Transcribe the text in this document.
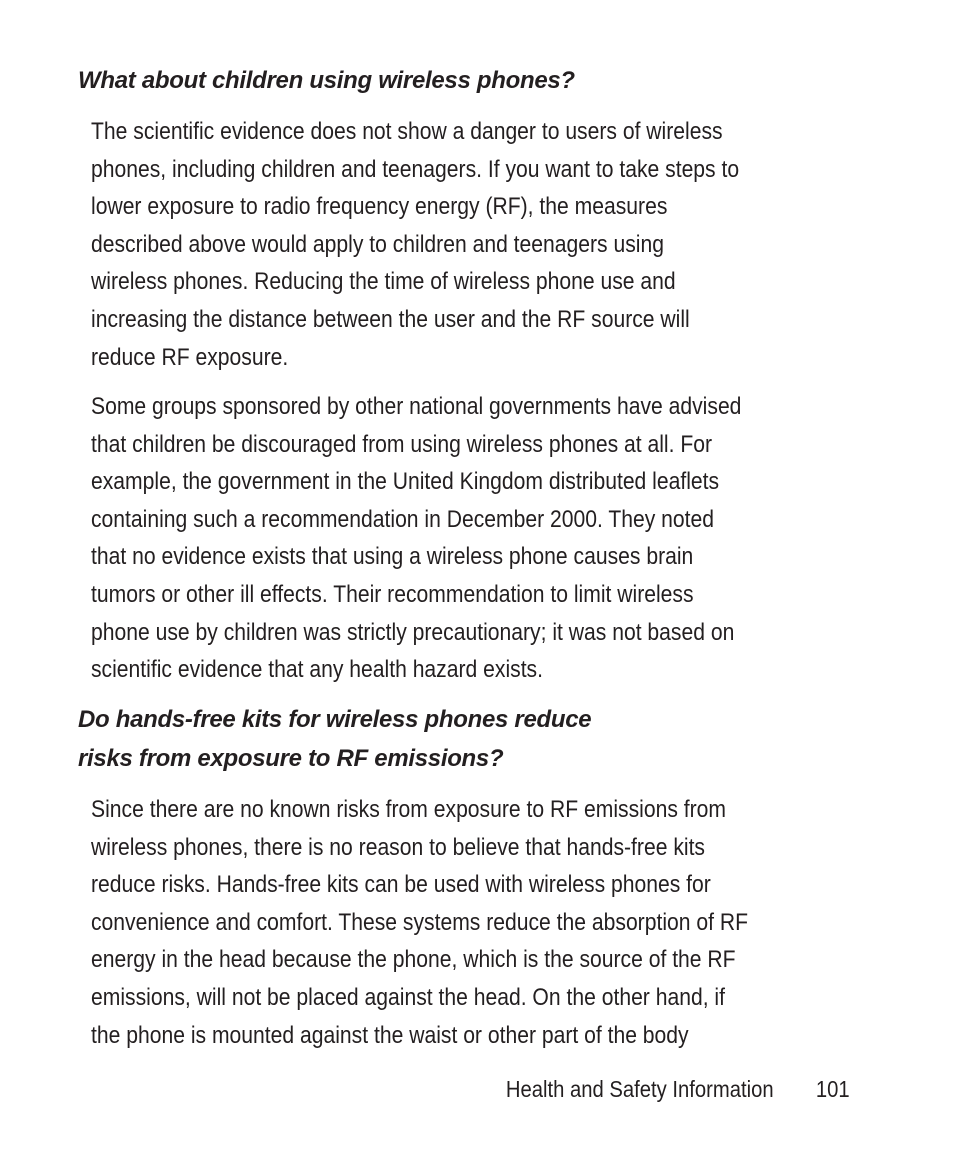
What about children using wireless phones?

The scientific evidence does not show a danger to users of wireless
phones, including children and teenagers. If you want to take steps to
lower exposure to radio frequency energy (RF), the measures
described above would apply to children and teenagers using
wireless phones. Reducing the time of wireless phone use and
increasing the distance between the user and the RF source will
reduce RF exposure.

Some groups sponsored by other national governments have advised
that children be discouraged from using wireless phones at all. For
example, the government in the United Kingdom distributed leaflets
containing such a recommendation in December 2000. They noted
that no evidence exists that using a wireless phone causes brain
tumors or other ill effects. Their recommendation to limit wireless
phone use by children was strictly precautionary; it was not based on
scientific evidence that any health hazard exists.

Do hands-free kits for wireless phones reduce
risks from exposure to RF emissions?

Since there are no known risks from exposure to RF emissions from
wireless phones, there is no reason to believe that hands-free kits
reduce risks. Hands-free kits can be used with wireless phones for
convenience and comfort. These systems reduce the absorption of RF
energy in the head because the phone, which is the source of the RF
emissions, will not be placed against the head. On the other hand, if
the phone is mounted against the waist or other part of the body

Health and Safety Information 101
